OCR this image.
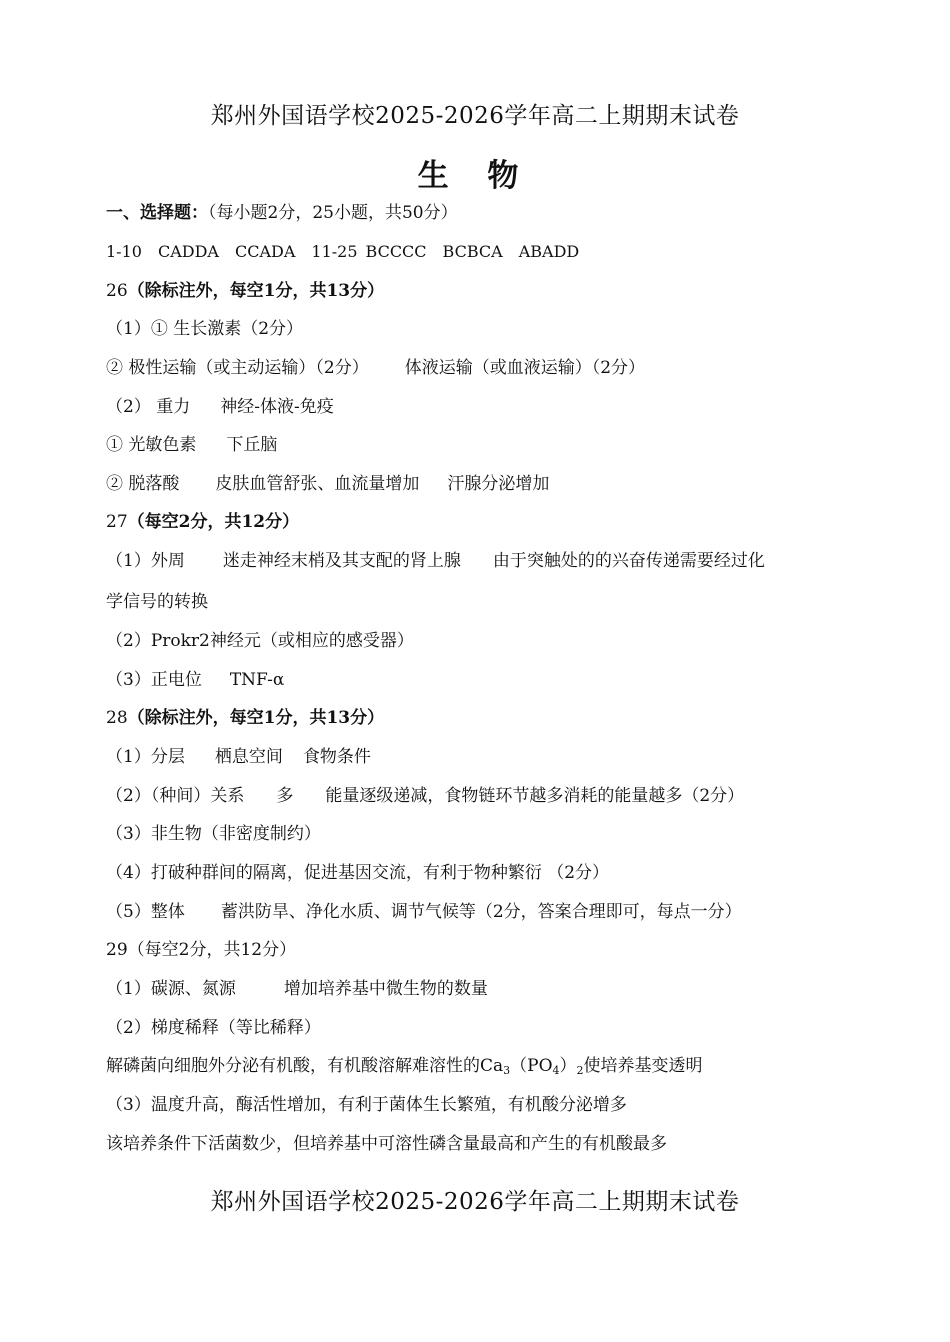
郑州外国语学校2025-2026学年高二上期期末试卷
生 物
一、选择题：（每小题2分，25小题，共50分）
1-10 CADDA CCADA 11-25 BCCCC BCBCA ABADD
26（除标注外，每空1分，共13分）
（1）① 生长激素（2分）
② 极性运输（或主动运输）（2分） 体液运输（或血液运输）（2分）
（2） 重力 神经-体液-免疫
① 光敏色素 下丘脑
② 脱落酸 皮肤血管舒张、血流量增加 汗腺分泌增加
27（每空2分，共12分）
（1）外周 迷走神经末梢及其支配的肾上腺 由于突触处的的兴奋传递需要经过化
学信号的转换
（2）Prokr2神经元（或相应的感受器）
（3）正电位 TNF-α
28（除标注外，每空1分，共13分）
（1）分层 栖息空间 食物条件
（2）（种间）关系 多 能量逐级递减，食物链环节越多消耗的能量越多（2分）
（3）非生物（非密度制约）
（4）打破种群间的隔离，促进基因交流，有利于物种繁衍 （2分）
（5）整体 蓄洪防旱、净化水质、调节气候等（2分，答案合理即可，每点一分）
29（每空2分，共12分）
（1）碳源、氮源	增加培养基中微生物的数量
（2）梯度稀释（等比稀释）
解磷菌向细胞外分泌有机酸，有机酸溶解难溶性的$Ca_3(PO_4)_2$使培养基变透明
（3）温度升高，酶活性增加，有利于菌体生长繁殖，有机酸分泌增多
该培养条件下活菌数少，但培养基中可溶性磷含量最高和产生的有机酸最多
郑州外国语学校2025-2026学年高二上期期末试卷
